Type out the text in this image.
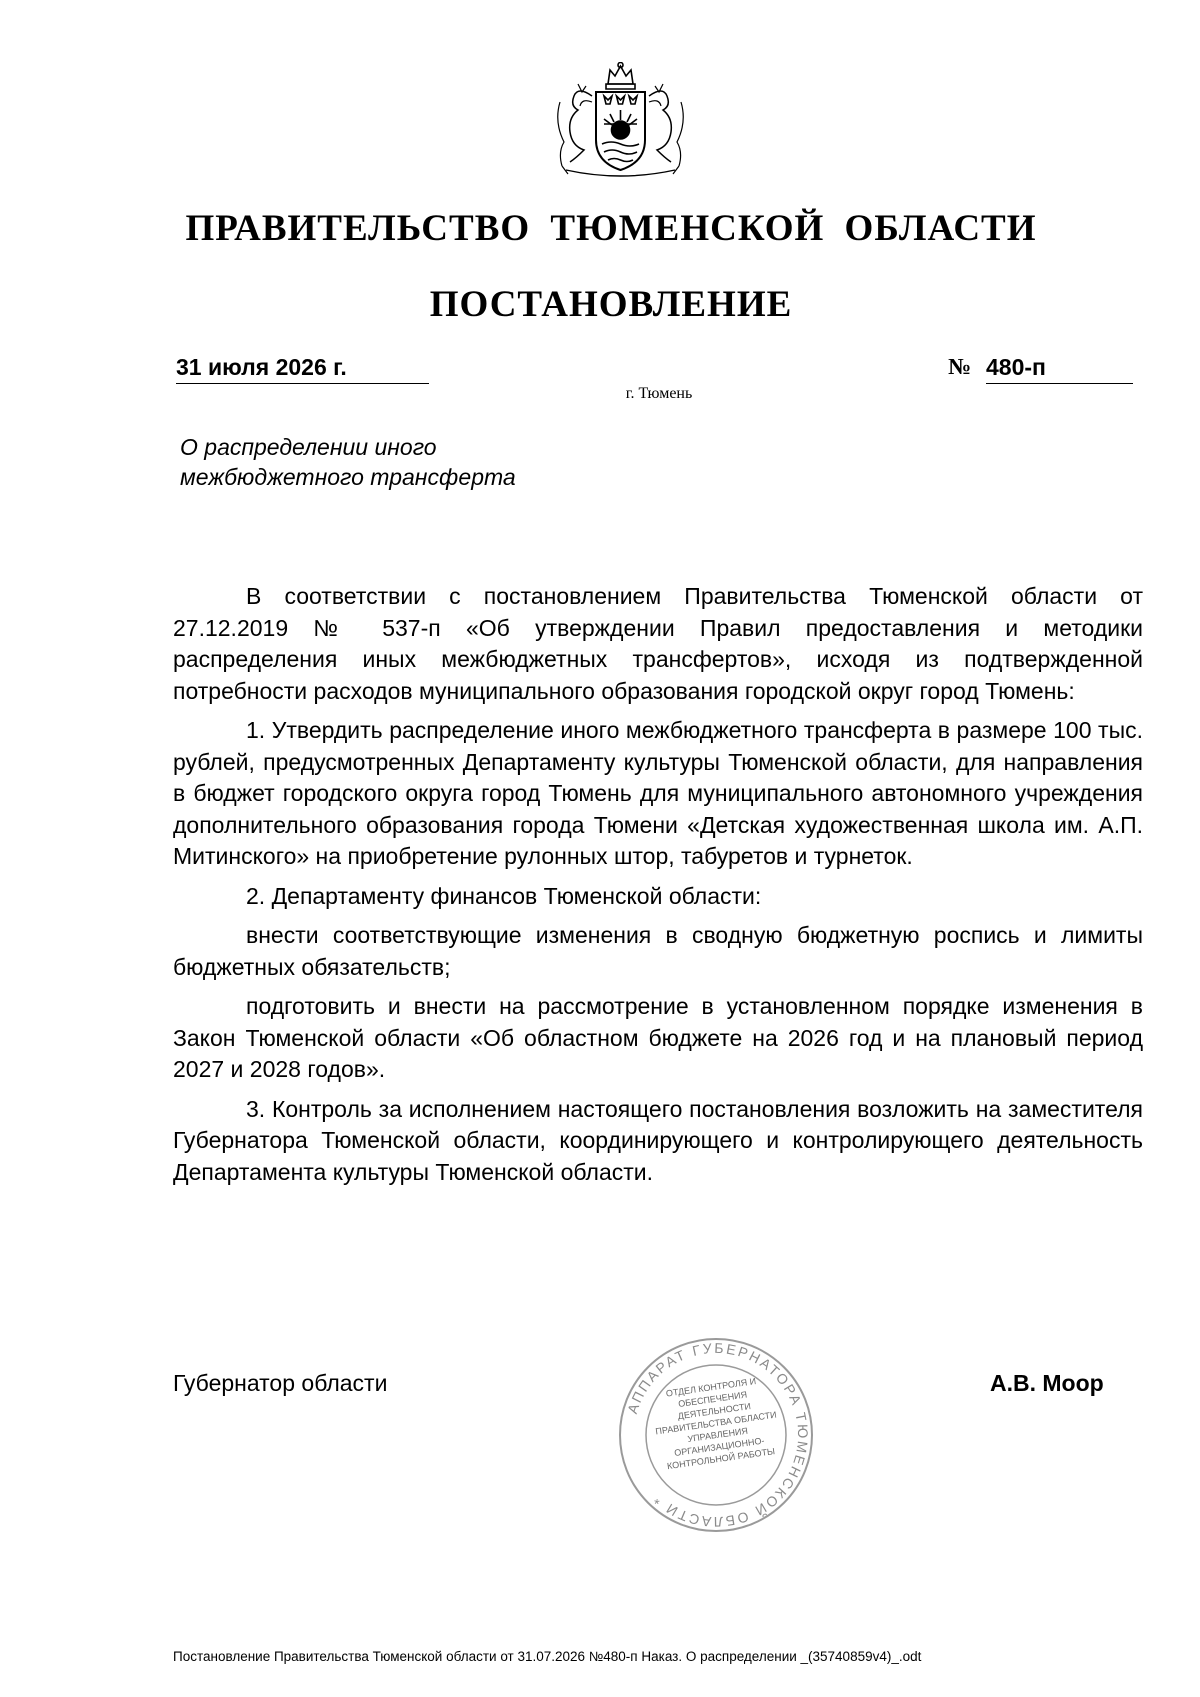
ПРАВИТЕЛЬСТВО ТЮМЕНСКОЙ ОБЛАСТИ
ПОСТАНОВЛЕНИЕ
31 июля 2026 г.	№ 480-п
г. Тюмень
О распределении иного
межбюджетного трансферта

В соответствии с постановлением Правительства Тюменской области от 27.12.2019 № 537-п «Об утверждении Правил предоставления и методики распределения иных межбюджетных трансфертов», исходя из подтвержденной потребности расходов муниципального образования городской округ город Тюмень:

1. Утвердить распределение иного межбюджетного трансферта в размере 100 тыс. рублей, предусмотренных Департаменту культуры Тюменской области, для направления в бюджет городского округа город Тюмень для муниципального автономного учреждения дополнительного образования города Тюмени «Детская художественная школа им. А.П. Митинского» на приобретение рулонных штор, табуретов и турнеток.

2. Департаменту финансов Тюменской области:

внести соответствующие изменения в сводную бюджетную роспись и лимиты бюджетных обязательств;

подготовить и внести на рассмотрение в установленном порядке изменения в Закон Тюменской области «Об областном бюджете на 2026 год и на плановый период 2027 и 2028 годов».

3. Контроль за исполнением настоящего постановления возложить на заместителя Губернатора Тюменской области, координирующего и контролирующего деятельность Департамента культуры Тюменской области.

АППАРАТ ГУБЕРНАТОРА ТЮМЕНСКОЙ ОБЛАСТИ *
ОТДЕЛ КОНТРОЛЯ И ОБЕСПЕЧЕНИЯ ДЕЯТЕЛЬНОСТИ ПРАВИТЕЛЬСТВА ОБЛАСТИ УПРАВЛЕНИЯ ОРГАНИЗАЦИОННО-КОНТРОЛЬНОЙ РАБОТЫ
Губернатор области	А.В. Моор
Постановление Правительства Тюменской области от 31.07.2026 №480-п Наказ. О распределении _(35740859v4)_.odt
